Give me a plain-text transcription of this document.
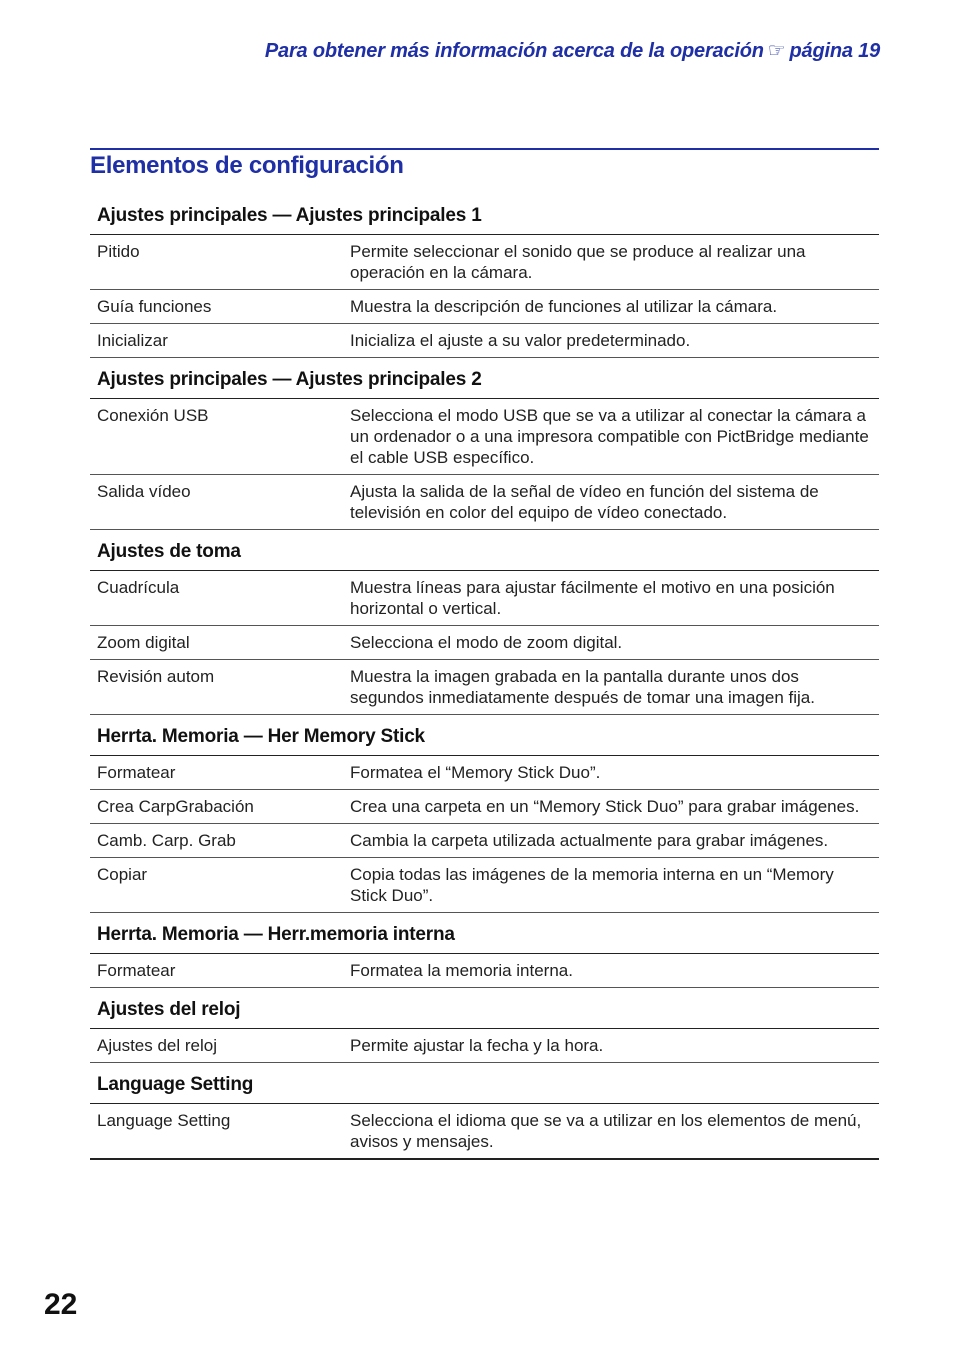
Para obtener más información acerca de la operación ☞ página 19
Elementos de configuración
Ajustes principales — Ajustes principales 1
Pitido	Permite seleccionar el sonido que se produce al realizar una operación en la cámara.
Guía funciones	Muestra la descripción de funciones al utilizar la cámara.
Inicializar	Inicializa el ajuste a su valor predeterminado.
Ajustes principales — Ajustes principales 2
Conexión USB	Selecciona el modo USB que se va a utilizar al conectar la cámara a un ordenador o a una impresora compatible con PictBridge mediante el cable USB específico.
Salida vídeo	Ajusta la salida de la señal de vídeo en función del sistema de televisión en color del equipo de vídeo conectado.
Ajustes de toma
Cuadrícula	Muestra líneas para ajustar fácilmente el motivo en una posición horizontal o vertical.
Zoom digital	Selecciona el modo de zoom digital.
Revisión autom	Muestra la imagen grabada en la pantalla durante unos dos segundos inmediatamente después de tomar una imagen fija.
Herrta. Memoria — Her Memory Stick
Formatear	Formatea el “Memory Stick Duo”.
Crea CarpGrabación	Crea una carpeta en un “Memory Stick Duo” para grabar imágenes.
Camb. Carp. Grab	Cambia la carpeta utilizada actualmente para grabar imágenes.
Copiar	Copia todas las imágenes de la memoria interna en un “Memory Stick Duo”.
Herrta. Memoria — Herr.memoria interna
Formatear	Formatea la memoria interna.
Ajustes del reloj
Ajustes del reloj	Permite ajustar la fecha y la hora.
Language Setting
Language Setting	Selecciona el idioma que se va a utilizar en los elementos de menú, avisos y mensajes.
22
